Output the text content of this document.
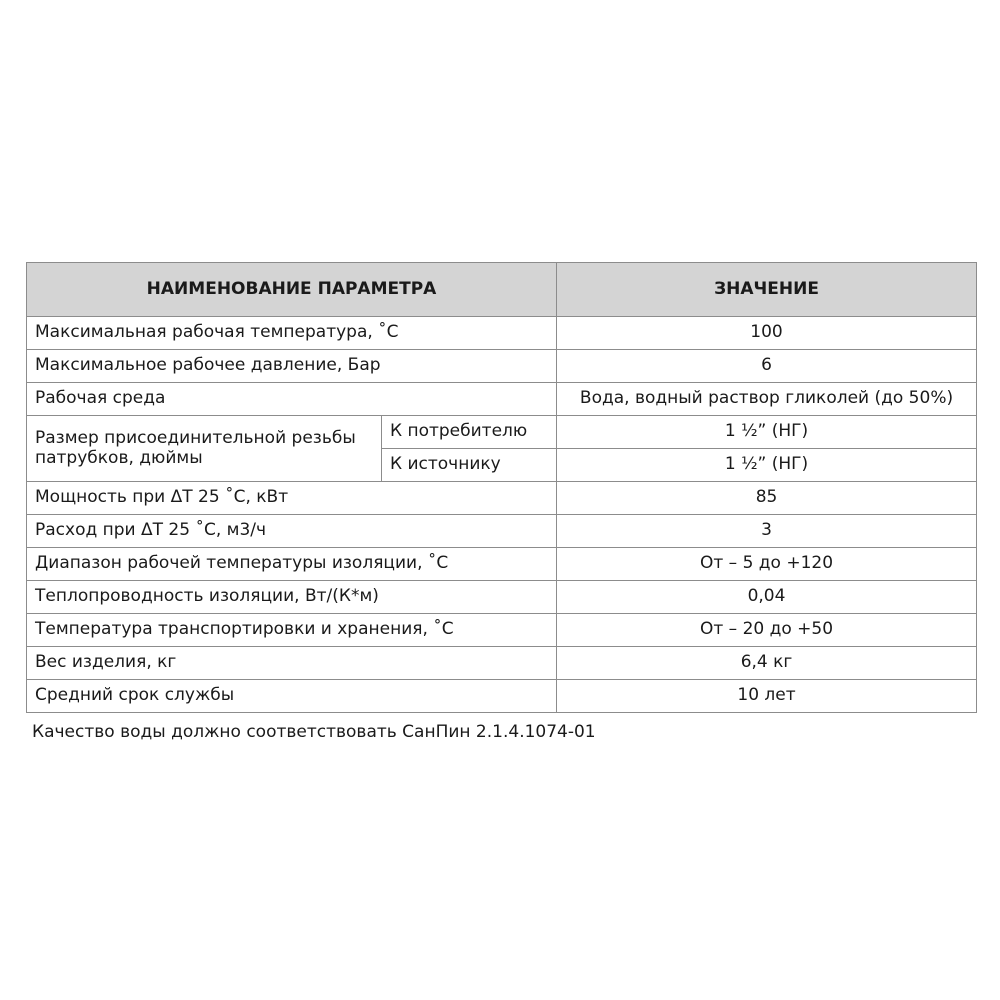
НАИМЕНОВАНИЕ ПАРАМЕТРА		ЗНАЧЕНИЕ
Максимальная рабочая температура, ˚C		100
Максимальное рабочее давление, Бар		6
Рабочая среда		Вода, водный раствор гликолей (до 50%)
Размер присоединительной резьбы патрубков, дюймы	К потребителю	1 ½” (НГ)
	К источнику	1 ½” (НГ)
Мощность при ΔT 25 ˚C, кВт		85
Расход при ΔT 25 ˚C, м3/ч		3
Диапазон рабочей температуры изоляции, ˚C		От – 5 до +120
Теплопроводность изоляции, Вт/(К*м)		0,04
Температура транспортировки и хранения, ˚C		От – 20 до +50
Вес изделия, кг		6,4 кг
Средний срок службы		10 лет
Качество воды должно соответствовать СанПин 2.1.4.1074-01
